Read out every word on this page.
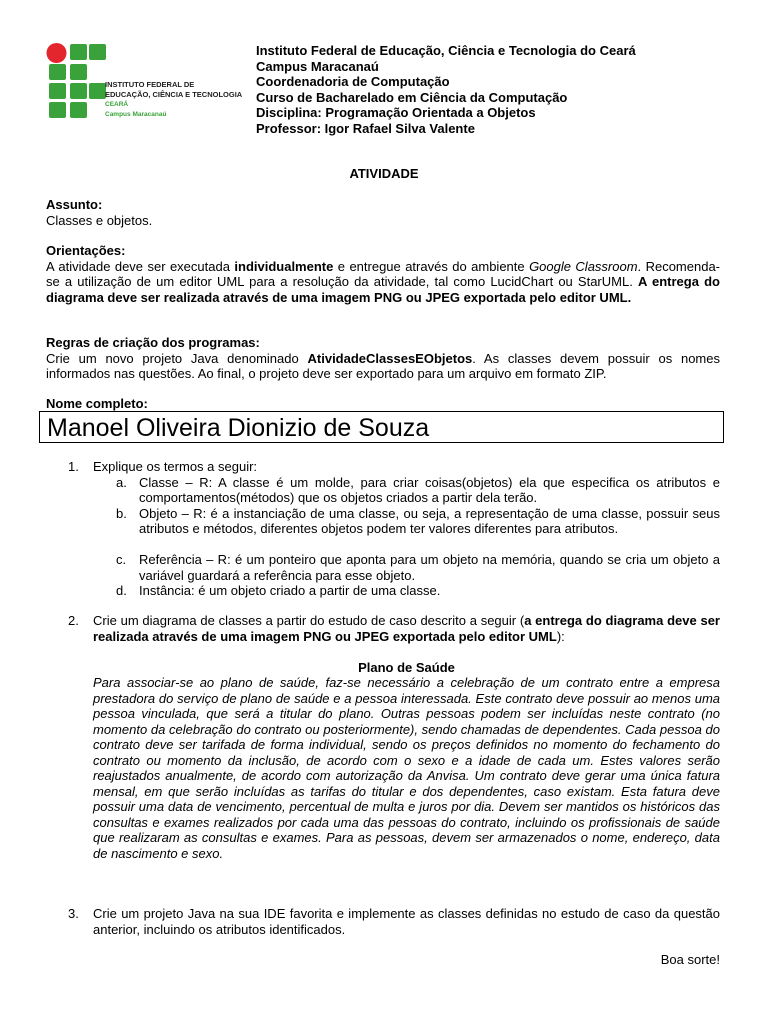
INSTITUTO FEDERAL DE
EDUCAÇÃO, CIÊNCIA E TECNOLOGIA
CEARÁ
Campus Maracanaú
Instituto Federal de Educação, Ciência e Tecnologia do Ceará
Campus Maracanaú
Coordenadoria de Computação
Curso de Bacharelado em Ciência da Computação
Disciplina: Programação Orientada a Objetos
Professor: Igor Rafael Silva Valente
ATIVIDADE
Assunto:
Classes e objetos.
Orientações:
A atividade deve ser executada individualmente e entregue através do ambiente Google Classroom. Recomenda-se a utilização de um editor UML para a resolução da atividade, tal como LucidChart ou StarUML. A entrega do diagrama deve ser realizada através de uma imagem PNG ou JPEG exportada pelo editor UML.
Regras de criação dos programas:
Crie um novo projeto Java denominado AtividadeClassesEObjetos. As classes devem possuir os nomes informados nas questões. Ao final, o projeto deve ser exportado para um arquivo em formato ZIP.
Nome completo:
Manoel Oliveira Dionizio de Souza
1. Explique os termos a seguir:
a. Classe – R: A classe é um molde, para criar coisas(objetos) ela que especifica os atributos e comportamentos(métodos) que os objetos criados a partir dela terão.
b. Objeto – R: é a instanciação de uma classe, ou seja, a representação de uma classe, possuir seus atributos e métodos, diferentes objetos podem ter valores diferentes para atributos.
c. Referência – R: é um ponteiro que aponta para um objeto na memória, quando se cria um objeto a variável guardará a referência para esse objeto.
d. Instância: é um objeto criado a partir de uma classe.
2. Crie um diagrama de classes a partir do estudo de caso descrito a seguir (a entrega do diagrama deve ser realizada através de uma imagem PNG ou JPEG exportada pelo editor UML):
Plano de Saúde
Para associar-se ao plano de saúde, faz-se necessário a celebração de um contrato entre a empresa prestadora do serviço de plano de saúde e a pessoa interessada. Este contrato deve possuir ao menos uma pessoa vinculada, que será a titular do plano. Outras pessoas podem ser incluídas neste contrato (no momento da celebração do contrato ou posteriormente), sendo chamadas de dependentes. Cada pessoa do contrato deve ser tarifada de forma individual, sendo os preços definidos no momento do fechamento do contrato ou momento da inclusão, de acordo com o sexo e a idade de cada um. Estes valores serão reajustados anualmente, de acordo com autorização da Anvisa. Um contrato deve gerar uma única fatura mensal, em que serão incluídas as tarifas do titular e dos dependentes, caso existam. Esta fatura deve possuir uma data de vencimento, percentual de multa e juros por dia. Devem ser mantidos os históricos das consultas e exames realizados por cada uma das pessoas do contrato, incluindo os profissionais de saúde que realizaram as consultas e exames. Para as pessoas, devem ser armazenados o nome, endereço, data de nascimento e sexo.
3. Crie um projeto Java na sua IDE favorita e implemente as classes definidas no estudo de caso da questão anterior, incluindo os atributos identificados.
Boa sorte!
